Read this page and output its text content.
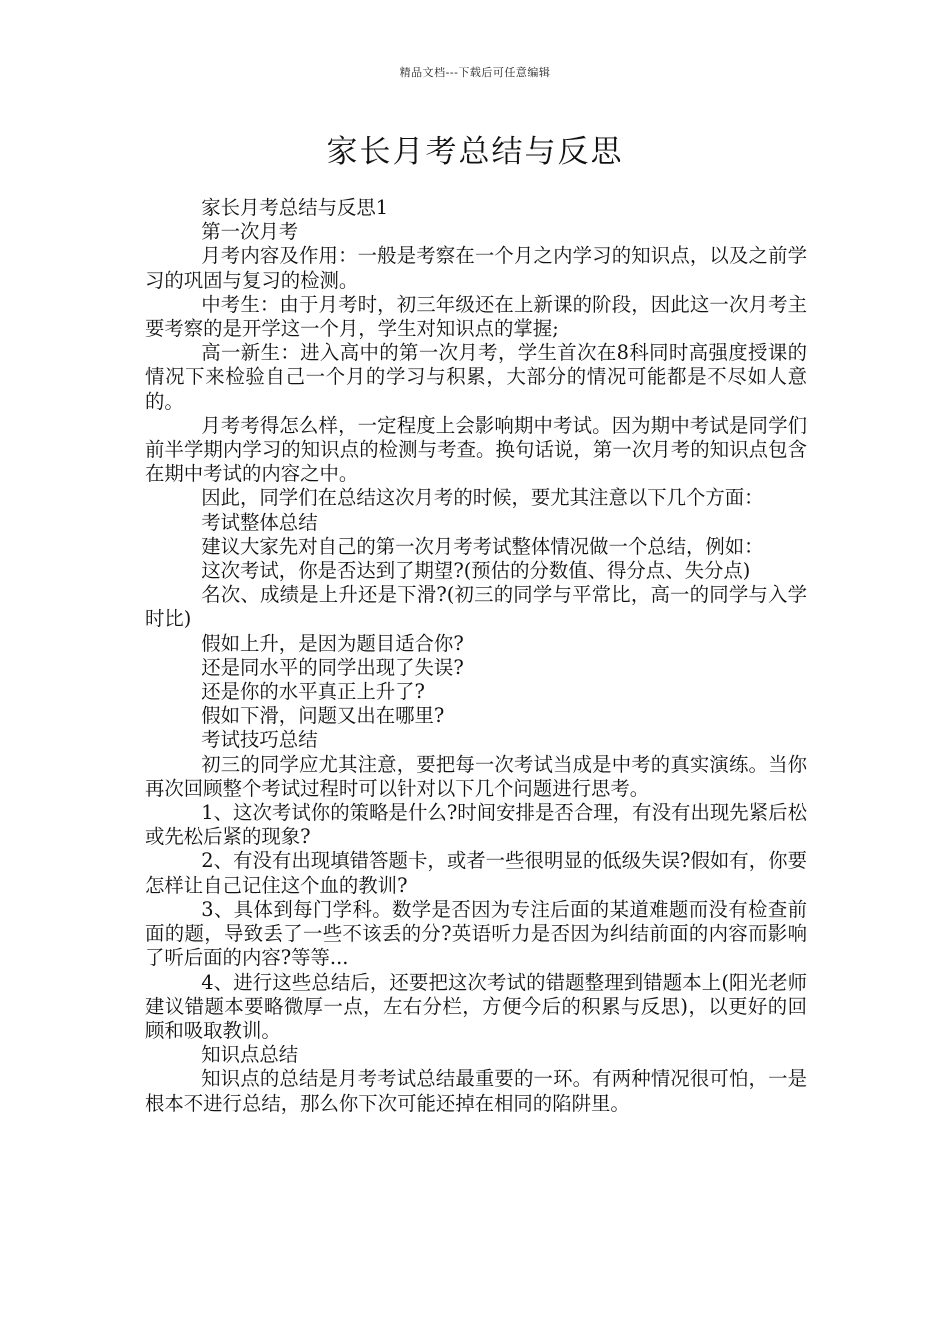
精品文档---下载后可任意编辑
家长月考总结与反思

家长月考总结与反思1

第一次月考

月考内容及作用：一般是考察在一个月之内学习的知识点，以及之前学习的巩固与复习的检测。

中考生：由于月考时，初三年级还在上新课的阶段，因此这一次月考主要考察的是开学这一个月，学生对知识点的掌握;

高一新生：进入高中的第一次月考，学生首次在8科同时高强度授课的情况下来检验自己一个月的学习与积累，大部分的情况可能都是不尽如人意的。

月考考得怎么样，一定程度上会影响期中考试。因为期中考试是同学们前半学期内学习的知识点的检测与考查。换句话说，第一次月考的知识点包含在期中考试的内容之中。

因此，同学们在总结这次月考的时候，要尤其注意以下几个方面：

考试整体总结

建议大家先对自己的第一次月考考试整体情况做一个总结，例如：

这次考试，你是否达到了期望?(预估的分数值、得分点、失分点)

名次、成绩是上升还是下滑?(初三的同学与平常比，高一的同学与入学时比)

假如上升，是因为题目适合你?

还是同水平的同学出现了失误?

还是你的水平真正上升了?

假如下滑，问题又出在哪里?

考试技巧总结

初三的同学应尤其注意，要把每一次考试当成是中考的真实演练。当你再次回顾整个考试过程时可以针对以下几个问题进行思考。

1、这次考试你的策略是什么?时间安排是否合理，有没有出现先紧后松或先松后紧的现象?

2、有没有出现填错答题卡，或者一些很明显的低级失误?假如有，你要怎样让自己记住这个血的教训?

3、具体到每门学科。数学是否因为专注后面的某道难题而没有检查前面的题，导致丢了一些不该丢的分?英语听力是否因为纠结前面的内容而影响了听后面的内容?等等...

4、进行这些总结后，还要把这次考试的错题整理到错题本上(阳光老师建议错题本要略微厚一点，左右分栏，方便今后的积累与反思)，以更好的回顾和吸取教训。

知识点总结

知识点的总结是月考考试总结最重要的一环。有两种情况很可怕，一是根本不进行总结，那么你下次可能还掉在相同的陷阱里。
